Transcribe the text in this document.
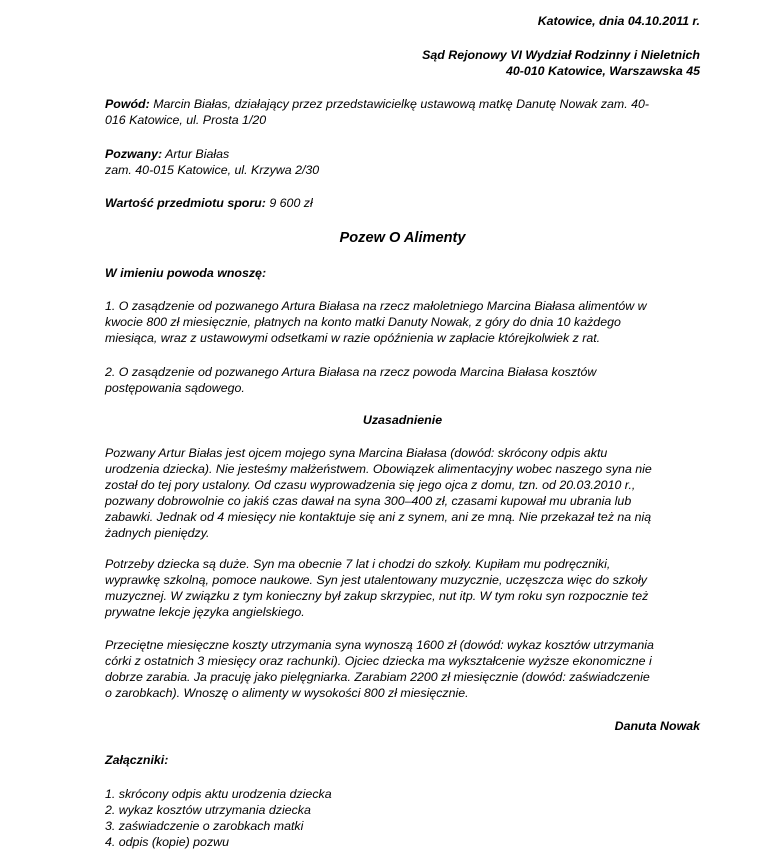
Katowice, dnia 04.10.2011 r.
Sąd Rejonowy VI Wydział Rodzinny i Nieletnich
40-010 Katowice, Warszawska 45
Powód: Marcin Białas, działający przez przedstawicielkę ustawową matkę Danutę Nowak zam. 40-
016 Katowice, ul. Prosta 1/20
Pozwany: Artur Białas
zam. 40-015 Katowice, ul. Krzywa 2/30
Wartość przedmiotu sporu: 9 600 zł
Pozew O Alimenty
W imieniu powoda wnoszę:
1. O zasądzenie od pozwanego Artura Białasa na rzecz małoletniego Marcina Białasa alimentów w
kwocie 800 zł miesięcznie, płatnych na konto matki Danuty Nowak, z góry do dnia 10 każdego
miesiąca, wraz z ustawowymi odsetkami w razie opóźnienia w zapłacie którejkolwiek z rat.
2. O zasądzenie od pozwanego Artura Białasa na rzecz powoda Marcina Białasa kosztów
postępowania sądowego.
Uzasadnienie
Pozwany Artur Białas jest ojcem mojego syna Marcina Białasa (dowód: skrócony odpis aktu
urodzenia dziecka). Nie jesteśmy małżeństwem. Obowiązek alimentacyjny wobec naszego syna nie
został do tej pory ustalony. Od czasu wyprowadzenia się jego ojca z domu, tzn. od 20.03.2010 r.,
pozwany dobrowolnie co jakiś czas dawał na syna 300–400 zł, czasami kupował mu ubrania lub
zabawki. Jednak od 4 miesięcy nie kontaktuje się ani z synem, ani ze mną. Nie przekazał też na nią
żadnych pieniędzy.
Potrzeby dziecka są duże. Syn ma obecnie 7 lat i chodzi do szkoły. Kupiłam mu podręczniki,
wyprawkę szkolną, pomoce naukowe. Syn jest utalentowany muzycznie, uczęszcza więc do szkoły
muzycznej. W związku z tym konieczny był zakup skrzypiec, nut itp. W tym roku syn rozpocznie też
prywatne lekcje języka angielskiego.
Przeciętne miesięczne koszty utrzymania syna wynoszą 1600 zł (dowód: wykaz kosztów utrzymania
córki z ostatnich 3 miesięcy oraz rachunki). Ojciec dziecka ma wykształcenie wyższe ekonomiczne i
dobrze zarabia. Ja pracuję jako pielęgniarka. Zarabiam 2200 zł miesięcznie (dowód: zaświadczenie
o zarobkach). Wnoszę o alimenty w wysokości 800 zł miesięcznie.
Danuta Nowak
Załączniki:
1. skrócony odpis aktu urodzenia dziecka
2. wykaz kosztów utrzymania dziecka
3. zaświadczenie o zarobkach matki
4. odpis (kopie) pozwu
